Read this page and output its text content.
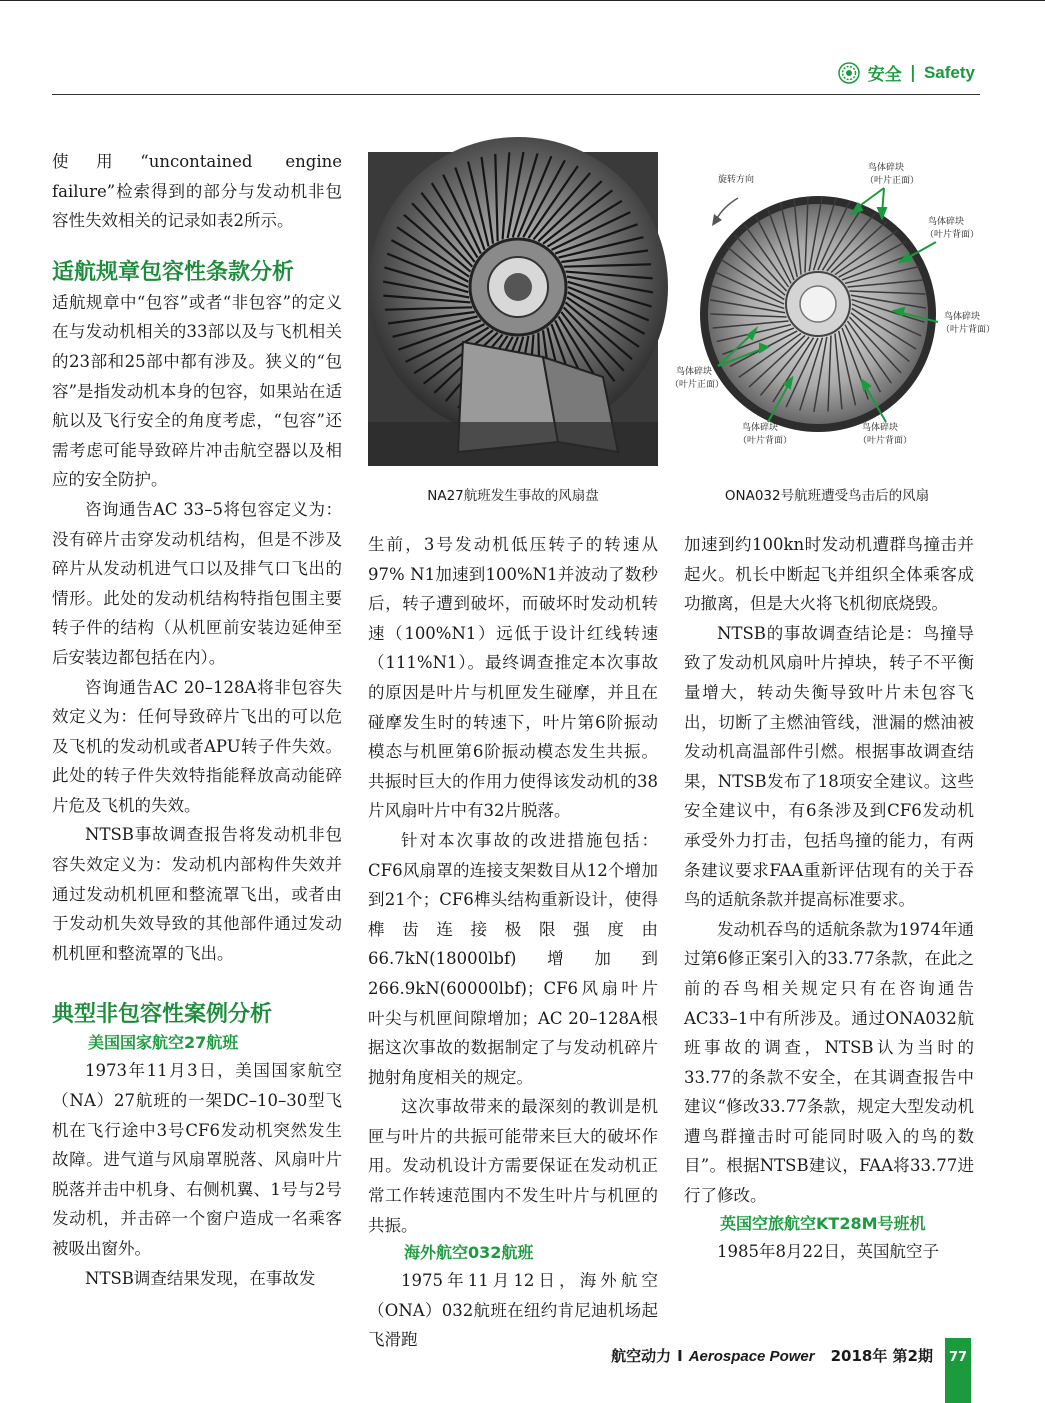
安全 | Safety

使用“uncontained engine failure”检索得到的部分与发动机非包容性失效相关的记录如表2所示。

适航规章包容性条款分析

适航规章中“包容”或者“非包容”的定义在与发动机相关的33部以及与飞机相关的23部和25部中都有涉及。狭义的“包容”是指发动机本身的包容，如果站在适航以及飞行安全的角度考虑，“包容”还需考虑可能导致碎片冲击航空器以及相应的安全防护。

咨询通告AC 33–5将包容定义为：没有碎片击穿发动机结构，但是不涉及碎片从发动机进气口以及排气口飞出的情形。此处的发动机结构特指包围主要转子件的结构（从机匣前安装边延伸至后安装边都包括在内）。

咨询通告AC 20–128A将非包容失效定义为：任何导致碎片飞出的可以危及飞机的发动机或者APU转子件失效。此处的转子件失效特指能释放高动能碎片危及飞机的失效。

NTSB事故调查报告将发动机非包容失效定义为：发动机内部构件失效并通过发动机机匣和整流罩飞出，或者由于发动机失效导致的其他部件通过发动机机匣和整流罩的飞出。

典型非包容性案例分析
美国国家航空27航班

1973年11月3日，美国国家航空（NA）27航班的一架DC–10–30型飞机在飞行途中3号CF6发动机突然发生故障。进气道与风扇罩脱落、风扇叶片脱落并击中机身、右侧机翼、1号与2号发动机，并击碎一个窗户造成一名乘客被吸出窗外。

NTSB调查结果发现，在事故发

旋转方向
鸟体碎块
（叶片正面）
鸟体碎块
（叶片背面）
鸟体碎块
（叶片背面）
鸟体碎块
（叶片正面）
鸟体碎块
（叶片背面）
鸟体碎块
（叶片背面）
NA27航班发生事故的风扇盘	ONA032号航班遭受鸟击后的风扇

生前，3号发动机低压转子的转速从97% N1加速到100%N1并波动了数秒后，转子遭到破坏，而破坏时发动机转速（100%N1）远低于设计红线转速（111%N1）。最终调查推定本次事故的原因是叶片与机匣发生碰摩，并且在碰摩发生时的转速下，叶片第6阶振动模态与机匣第6阶振动模态发生共振。共振时巨大的作用力使得该发动机的38片风扇叶片中有32片脱落。

针对本次事故的改进措施包括：CF6风扇罩的连接支架数目从12个增加到21个；CF6榫头结构重新设计，使得榫齿连接极限强度由66.7kN(18000lbf)增加到266.9kN(60000lbf)；CF6风扇叶片叶尖与机匣间隙增加；AC 20–128A根据这次事故的数据制定了与发动机碎片抛射角度相关的规定。

这次事故带来的最深刻的教训是机匣与叶片的共振可能带来巨大的破坏作用。发动机设计方需要保证在发动机正常工作转速范围内不发生叶片与机匣的共振。

海外航空032航班

1975年11月12日，海外航空（ONA）032航班在纽约肯尼迪机场起飞滑跑

加速到约100kn时发动机遭群鸟撞击并起火。机长中断起飞并组织全体乘客成功撤离，但是大火将飞机彻底烧毁。

NTSB的事故调查结论是：鸟撞导致了发动机风扇叶片掉块，转子不平衡量增大，转动失衡导致叶片未包容飞出，切断了主燃油管线，泄漏的燃油被发动机高温部件引燃。根据事故调查结果，NTSB发布了18项安全建议。这些安全建议中，有6条涉及到CF6发动机承受外力打击，包括鸟撞的能力，有两条建议要求FAA重新评估现有的关于吞鸟的适航条款并提高标准要求。

发动机吞鸟的适航条款为1974年通过第6修正案引入的33.77条款，在此之前的吞鸟相关规定只有在咨询通告AC33–1中有所涉及。通过ONA032航班事故的调查，NTSB认为当时的33.77的条款不安全，在其调查报告中建议“修改33.77条款，规定大型发动机遭鸟群撞击时可能同时吸入的鸟的数目”。根据NTSB建议，FAA将33.77进行了修改。

英国空旅航空KT28M号班机

1985年8月22日，英国航空子

航空动力 I Aerospace Power 2018年 第2期	77
